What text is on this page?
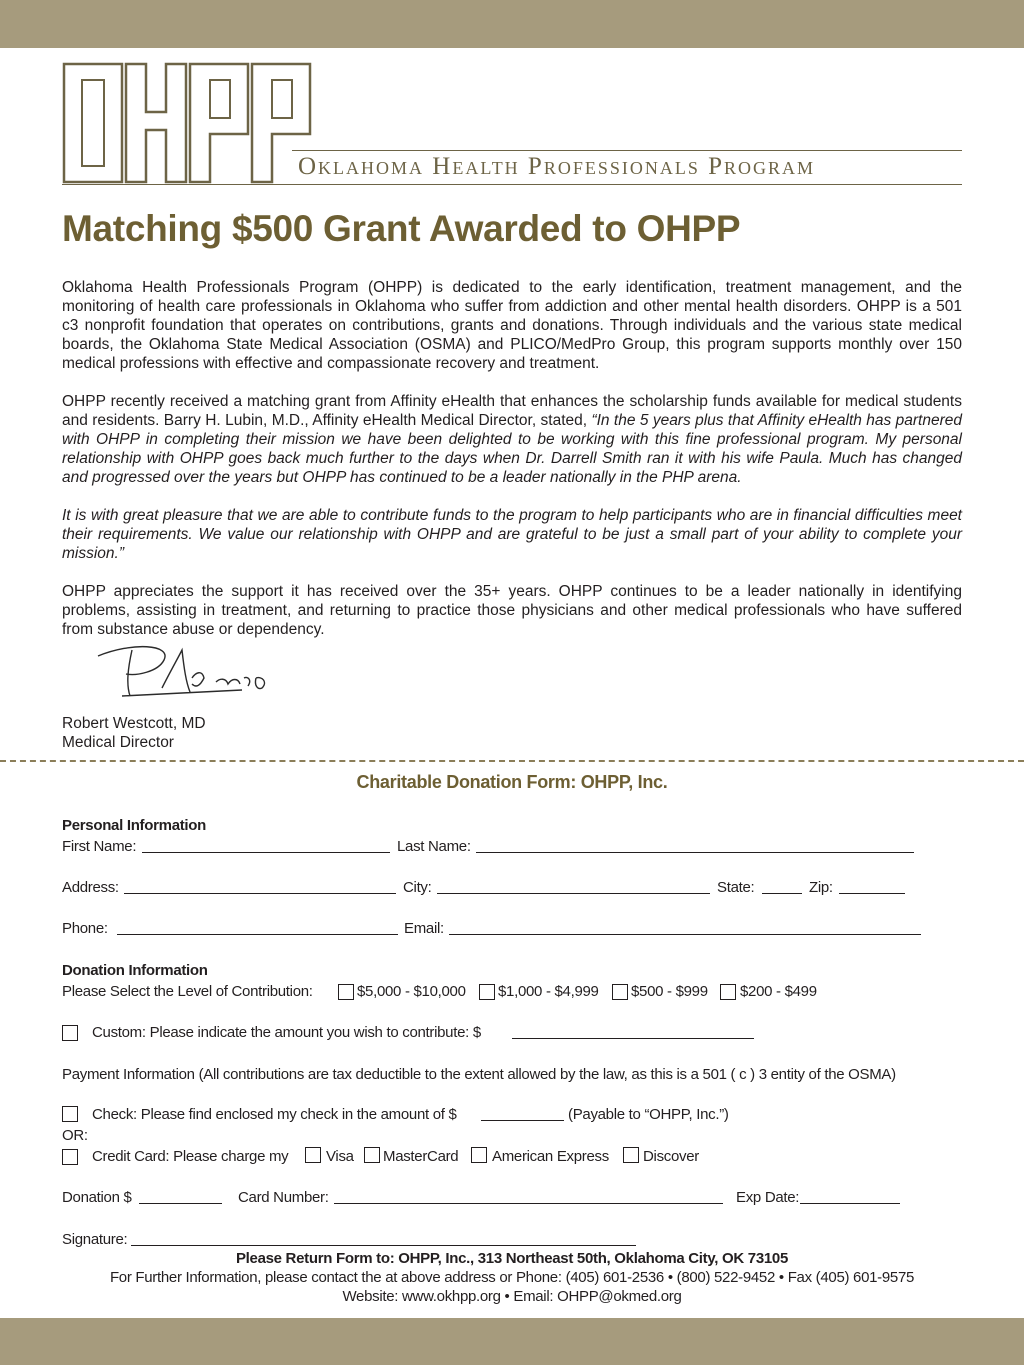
Oklahoma Health Professionals Program
Matching $500 Grant Awarded to OHPP

Oklahoma Health Professionals Program (OHPP) is dedicated to the early identification, treatment management, and the monitoring of health care professionals in Oklahoma who suffer from addiction and other mental health disorders. OHPP is a 501 c3 nonprofit foundation that operates on contributions, grants and donations. Through individuals and the various state medical boards, the Oklahoma State Medical Association (OSMA) and PLICO/MedPro Group, this program supports monthly over 150 medical professions with effective and compassionate recovery and treatment.

OHPP recently received a matching grant from Affinity eHealth that enhances the scholarship funds available for medical students and residents. Barry H. Lubin, M.D., Affinity eHealth Medical Director, stated, “In the 5 years plus that Affinity eHealth has partnered with OHPP in completing their mission we have been delighted to be working with this fine professional program. My personal relationship with OHPP goes back much further to the days when Dr. Darrell Smith ran it with his wife Paula. Much has changed and progressed over the years but OHPP has continued to be a leader nationally in the PHP arena.

It is with great pleasure that we are able to contribute funds to the program to help participants who are in financial difficulties meet their requirements. We value our relationship with OHPP and are grateful to be just a small part of your ability to complete your mission.”

OHPP appreciates the support it has received over the 35+ years. OHPP continues to be a leader nationally in identifying problems, assisting in treatment, and returning to practice those physicians and other medical professionals who have suffered from substance abuse or dependency.

Robert Westcott, MD
Medical Director
Charitable Donation Form: OHPP, Inc.
Personal Information
First Name:	Last Name:
Address:	City:	State:	Zip:
Phone:	Email:
Donation Information
Please Select the Level of Contribution:	$5,000 - $10,000 $1,000 - $4,999 $500 - $999 $200 - $499
Custom: Please indicate the amount you wish to contribute: $
Payment Information (All contributions are tax deductible to the extent allowed by the law, as this is a 501 ( c ) 3 entity of the OSMA)
Check: Please find enclosed my check in the amount of $	(Payable to “OHPP, Inc.”)
OR:
Credit Card: Please charge my	Visa MasterCard American Express Discover
Donation $	Card Number:	Exp Date:
Signature:
Please Return Form to: OHPP, Inc., 313 Northeast 50th, Oklahoma City, OK 73105
For Further Information, please contact the at above address or Phone: (405) 601-2536 • (800) 522-9452 • Fax (405) 601-9575
Website: www.okhpp.org • Email: OHPP@okmed.org
